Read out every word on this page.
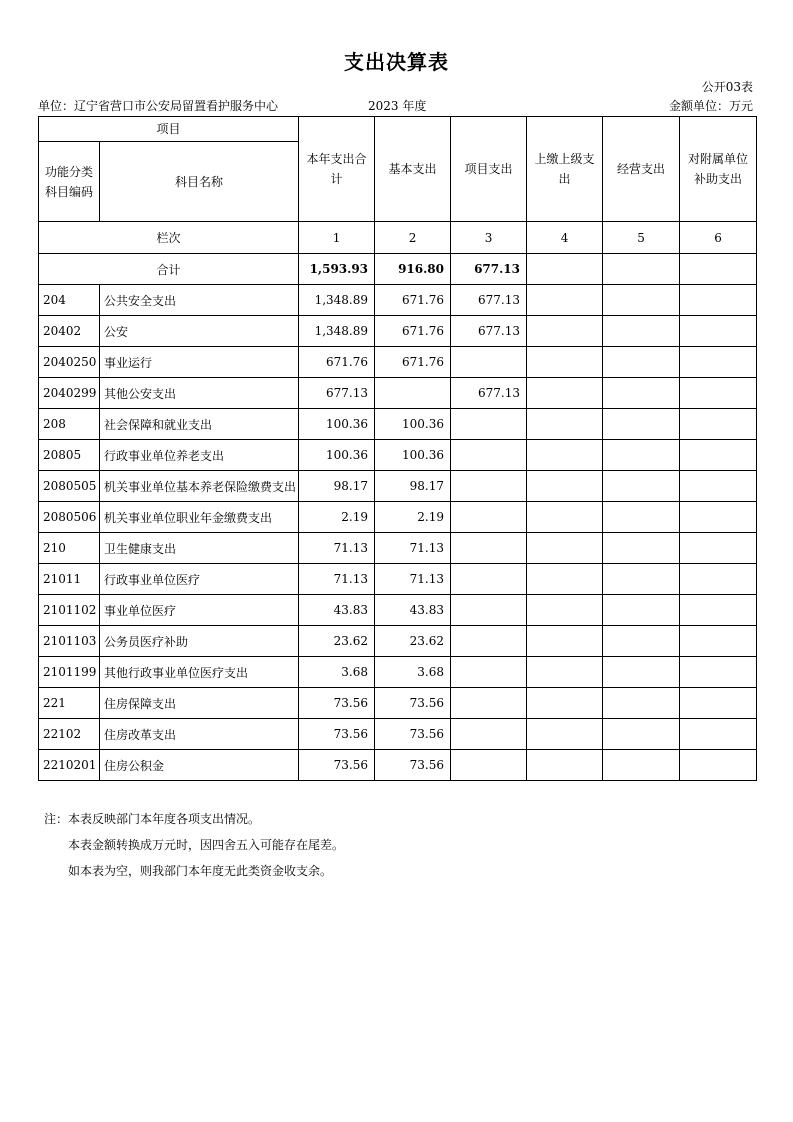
支出决算表
公开03表
单位：辽宁省营口市公安局留置看护服务中心	2023 年度	金额单位：万元
项目		本年支出合计	基本支出	项目支出	上缴上级支出	经营支出	对附属单位补助支出
功能分类科目编码	科目名称						
栏次		1	2	3	4	5	6
合计		1,593.93	916.80	677.13			
204	公共安全支出	1,348.89	671.76	677.13			
20402	公安	1,348.89	671.76	677.13			
2040250	事业运行	671.76	671.76				
2040299	其他公安支出	677.13		677.13			
208	社会保障和就业支出	100.36	100.36				
20805	行政事业单位养老支出	100.36	100.36				
2080505	机关事业单位基本养老保险缴费支出	98.17	98.17				
2080506	机关事业单位职业年金缴费支出	2.19	2.19				
210	卫生健康支出	71.13	71.13				
21011	行政事业单位医疗	71.13	71.13				
2101102	事业单位医疗	43.83	43.83				
2101103	公务员医疗补助	23.62	23.62				
2101199	其他行政事业单位医疗支出	3.68	3.68				
221	住房保障支出	73.56	73.56				
22102	住房改革支出	73.56	73.56				
2210201	住房公积金	73.56	73.56				
注：本表反映部门本年度各项支出情况。
本表金额转换成万元时，因四舍五入可能存在尾差。
如本表为空，则我部门本年度无此类资金收支余。
